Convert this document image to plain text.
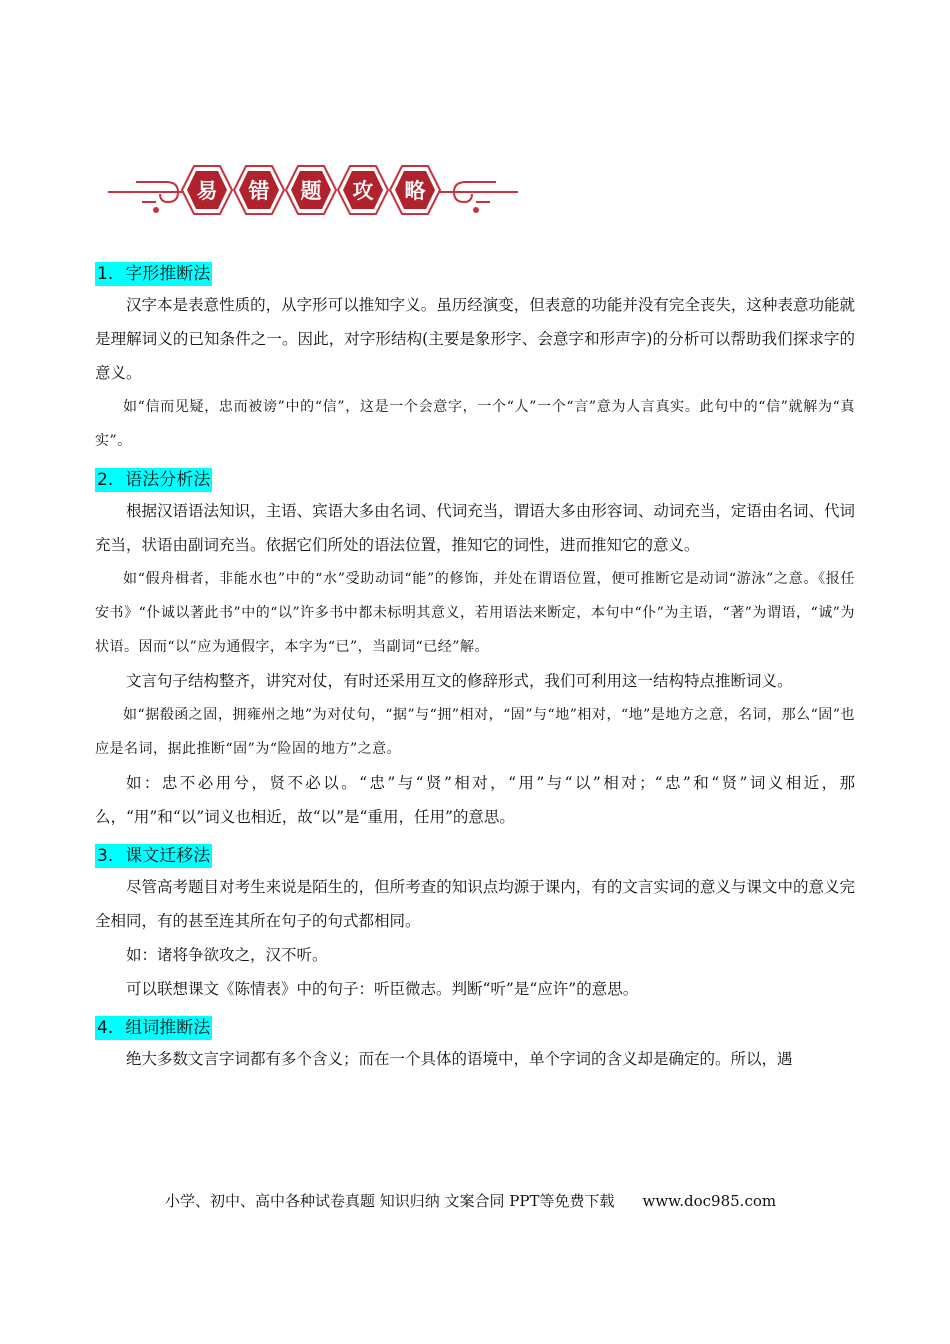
易 错 题 攻 略
1. 字形推断法

汉字本是表意性质的，从字形可以推知字义。虽历经演变，但表意的功能并没有完全丧失，这种表意功能就是理解词义的已知条件之一。因此，对字形结构(主要是象形字、会意字和形声字)的分析可以帮助我们探求字的意义。

如“信而见疑，忠而被谤”中的“信”，这是一个会意字，一个“人”一个“言”意为人言真实。此句中的“信”就解为“真实”。

2. 语法分析法

根据汉语语法知识，主语、宾语大多由名词、代词充当，谓语大多由形容词、动词充当，定语由名词、代词充当，状语由副词充当。依据它们所处的语法位置，推知它的词性，进而推知它的意义。

如“假舟楫者，非能水也”中的“水”受助动词“能”的修饰，并处在谓语位置，便可推断它是动词“游泳”之意。《报任安书》“仆诚以著此书”中的“以”许多书中都未标明其意义，若用语法来断定，本句中“仆”为主语，“著”为谓语，“诚”为状语。因而“以”应为通假字，本字为“已”，当副词“已经”解。

文言句子结构整齐，讲究对仗，有时还采用互文的修辞形式，我们可利用这一结构特点推断词义。

如“据殽函之固，拥雍州之地”为对仗句，“据”与“拥”相对，“固”与“地”相对，“地”是地方之意，名词，那么“固”也应是名词，据此推断“固”为“险固的地方”之意。

如：忠不必用兮，贤不必以。“忠”与“贤”相对，“用”与“以”相对；“忠”和“贤”词义相近，那么，“用”和“以”词义也相近，故“以”是“重用，任用”的意思。

3. 课文迁移法

尽管高考题目对考生来说是陌生的，但所考查的知识点均源于课内，有的文言实词的意义与课文中的意义完全相同，有的甚至连其所在句子的句式都相同。

如：诸将争欲攻之，汉不听。

可以联想课文《陈情表》中的句子：听臣微志。判断“听”是“应许”的意思。

4. 组词推断法

绝大多数文言字词都有多个含义；而在一个具体的语境中，单个字词的含义却是确定的。所以，遇

小学、初中、高中各种试卷真题 知识归纳 文案合同 PPT等免费下载 www.doc985.com
